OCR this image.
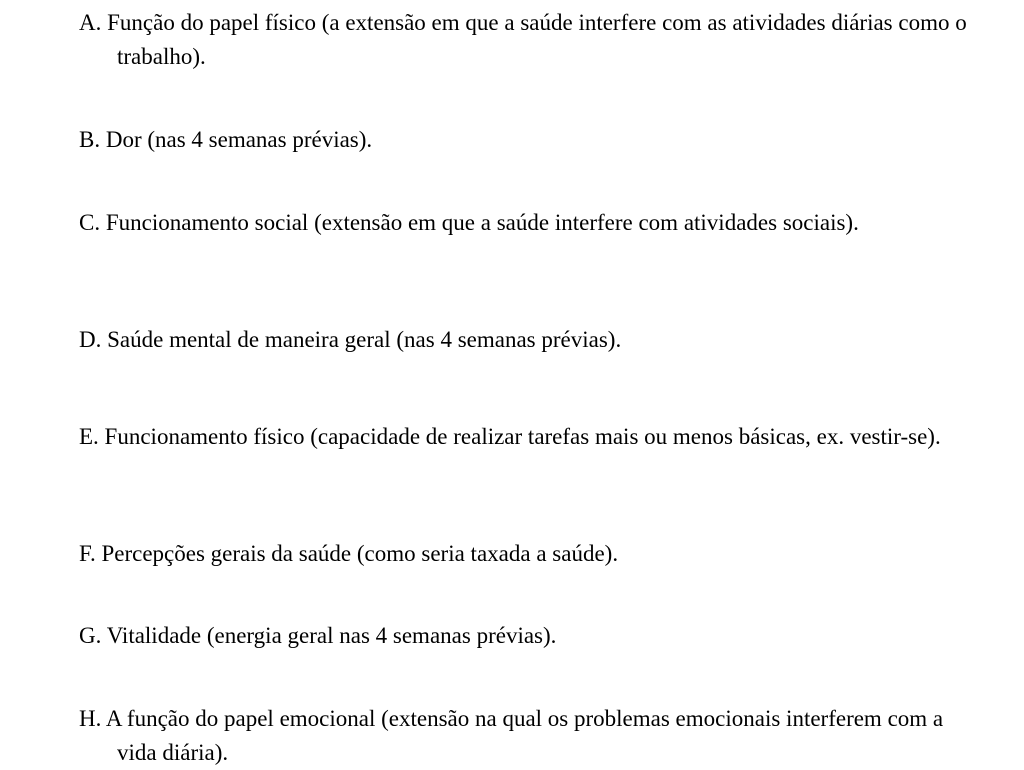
A. Função do papel físico (a extensão em que a saúde interfere com as atividades diárias como o trabalho).

B. Dor (nas 4 semanas prévias).

C. Funcionamento social (extensão em que a saúde interfere com atividades sociais).

D. Saúde mental de maneira geral (nas 4 semanas prévias).

E. Funcionamento físico (capacidade de realizar tarefas mais ou menos básicas, ex. vestir-se).

F. Percepções gerais da saúde (como seria taxada a saúde).

G. Vitalidade (energia geral nas 4 semanas prévias).

H. A função do papel emocional (extensão na qual os problemas emocionais interferem com a vida diária).
